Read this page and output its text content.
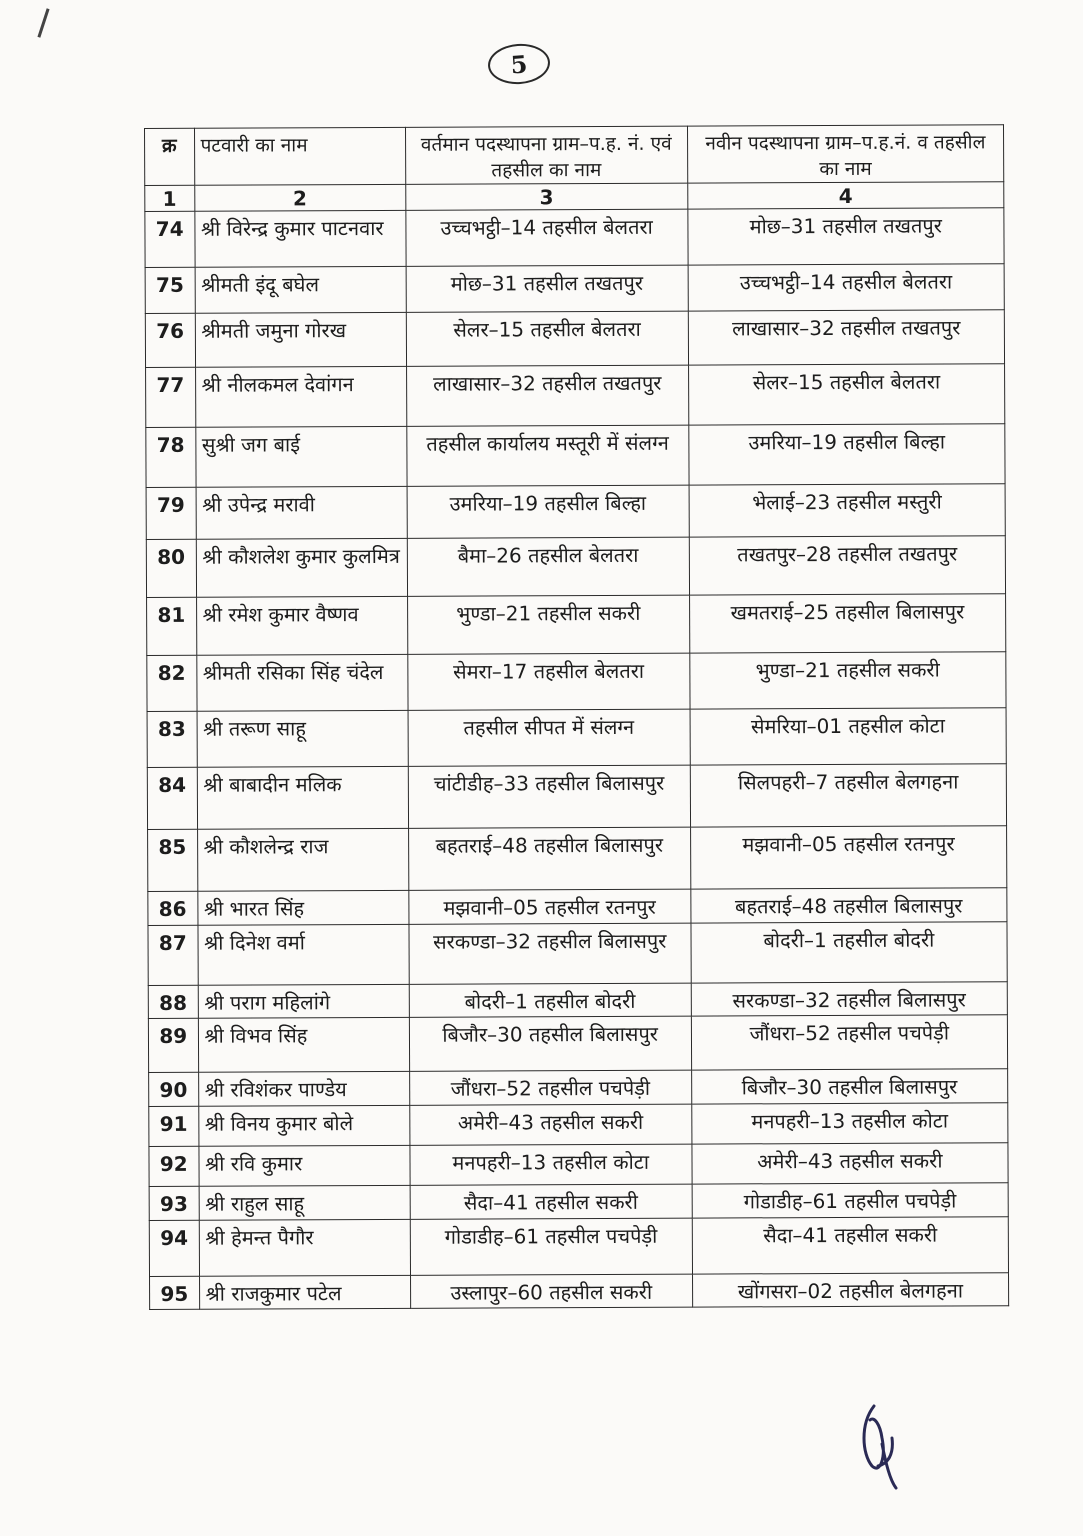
5
क्र	पटवारी का नाम	वर्तमान पदस्थापना ग्राम–प.ह. नं. एवं तहसील का नाम	नवीन पदस्थापना ग्राम–प.ह.नं. व तहसील का नाम
1	2	3	4
74	श्री विरेन्द्र कुमार पाटनवार	उच्चभट्ठी–14 तहसील बेलतरा	मोछ–31 तहसील तखतपुर
75	श्रीमती इंदू बघेल	मोछ–31 तहसील तखतपुर	उच्चभट्ठी–14 तहसील बेलतरा
76	श्रीमती जमुना गोरख	सेलर–15 तहसील बेलतरा	लाखासार–32 तहसील तखतपुर
77	श्री नीलकमल देवांगन	लाखासार–32 तहसील तखतपुर	सेलर–15 तहसील बेलतरा
78	सुश्री जग बाई	तहसील कार्यालय मस्तूरी में संलग्न	उमरिया–19 तहसील बिल्हा
79	श्री उपेन्द्र मरावी	उमरिया–19 तहसील बिल्हा	भेलाई–23 तहसील मस्तुरी
80	श्री कौशलेश कुमार कुलमित्र	बैमा–26 तहसील बेलतरा	तखतपुर–28 तहसील तखतपुर
81	श्री रमेश कुमार वैष्णव	भुण्डा–21 तहसील सकरी	खमतराई–25 तहसील बिलासपुर
82	श्रीमती रसिका सिंह चंदेल	सेमरा–17 तहसील बेलतरा	भुण्डा–21 तहसील सकरी
83	श्री तरूण साहू	तहसील सीपत में संलग्न	सेमरिया–01 तहसील कोटा
84	श्री बाबादीन मलिक	चांटीडीह–33 तहसील बिलासपुर	सिलपहरी–7 तहसील बेलगहना
85	श्री कौशलेन्द्र राज	बहतराई–48 तहसील बिलासपुर	मझवानी–05 तहसील रतनपुर
86	श्री भारत सिंह	मझवानी–05 तहसील रतनपुर	बहतराई–48 तहसील बिलासपुर
87	श्री दिनेश वर्मा	सरकण्डा–32 तहसील बिलासपुर	बोदरी–1 तहसील बोदरी
88	श्री पराग महिलांगे	बोदरी–1 तहसील बोदरी	सरकण्डा–32 तहसील बिलासपुर
89	श्री विभव सिंह	बिजौर–30 तहसील बिलासपुर	जौंधरा–52 तहसील पचपेड़ी
90	श्री रविशंकर पाण्डेय	जौंधरा–52 तहसील पचपेड़ी	बिजौर–30 तहसील बिलासपुर
91	श्री विनय कुमार बोले	अमेरी–43 तहसील सकरी	मनपहरी–13 तहसील कोटा
92	श्री रवि कुमार	मनपहरी–13 तहसील कोटा	अमेरी–43 तहसील सकरी
93	श्री राहुल साहू	सैदा–41 तहसील सकरी	गोडाडीह–61 तहसील पचपेड़ी
94	श्री हेमन्त पैगौर	गोडाडीह–61 तहसील पचपेड़ी	सैदा–41 तहसील सकरी
95	श्री राजकुमार पटेल	उस्लापुर–60 तहसील सकरी	खोंगसरा–02 तहसील बेलगहना
